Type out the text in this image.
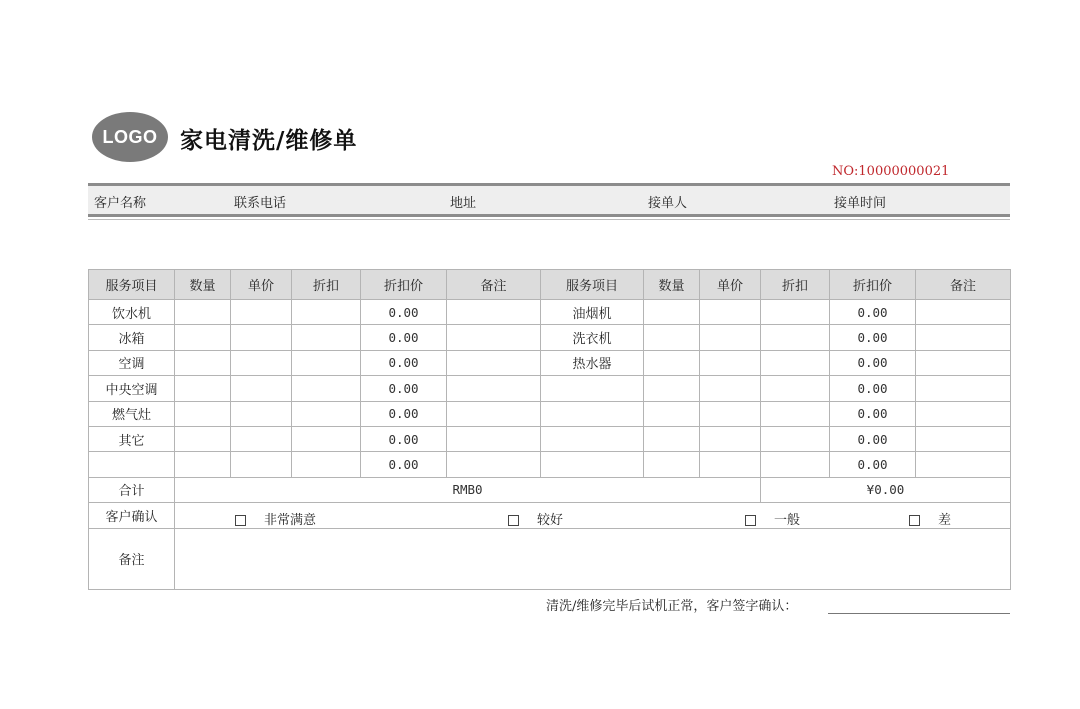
LOGO 家电清洗/维修单
NO:10000000021
客户名称	联系电话	地址	接单人	接单时间
服务项目	数量	单价	折扣	折扣价	备注	服务项目	数量	单价	折扣	折扣价	备注
饮水机				0.00		油烟机				0.00	
冰箱				0.00		洗衣机				0.00	
空调				0.00		热水器				0.00	
中央空调				0.00						0.00	
燃气灶				0.00						0.00	
其它				0.00						0.00	
				0.00						0.00	
合计	RMB0								¥0.00		
客户确认	非常满意 较好 一般 差										

备注											
清洗/维修完毕后试机正常，客户签字确认：
